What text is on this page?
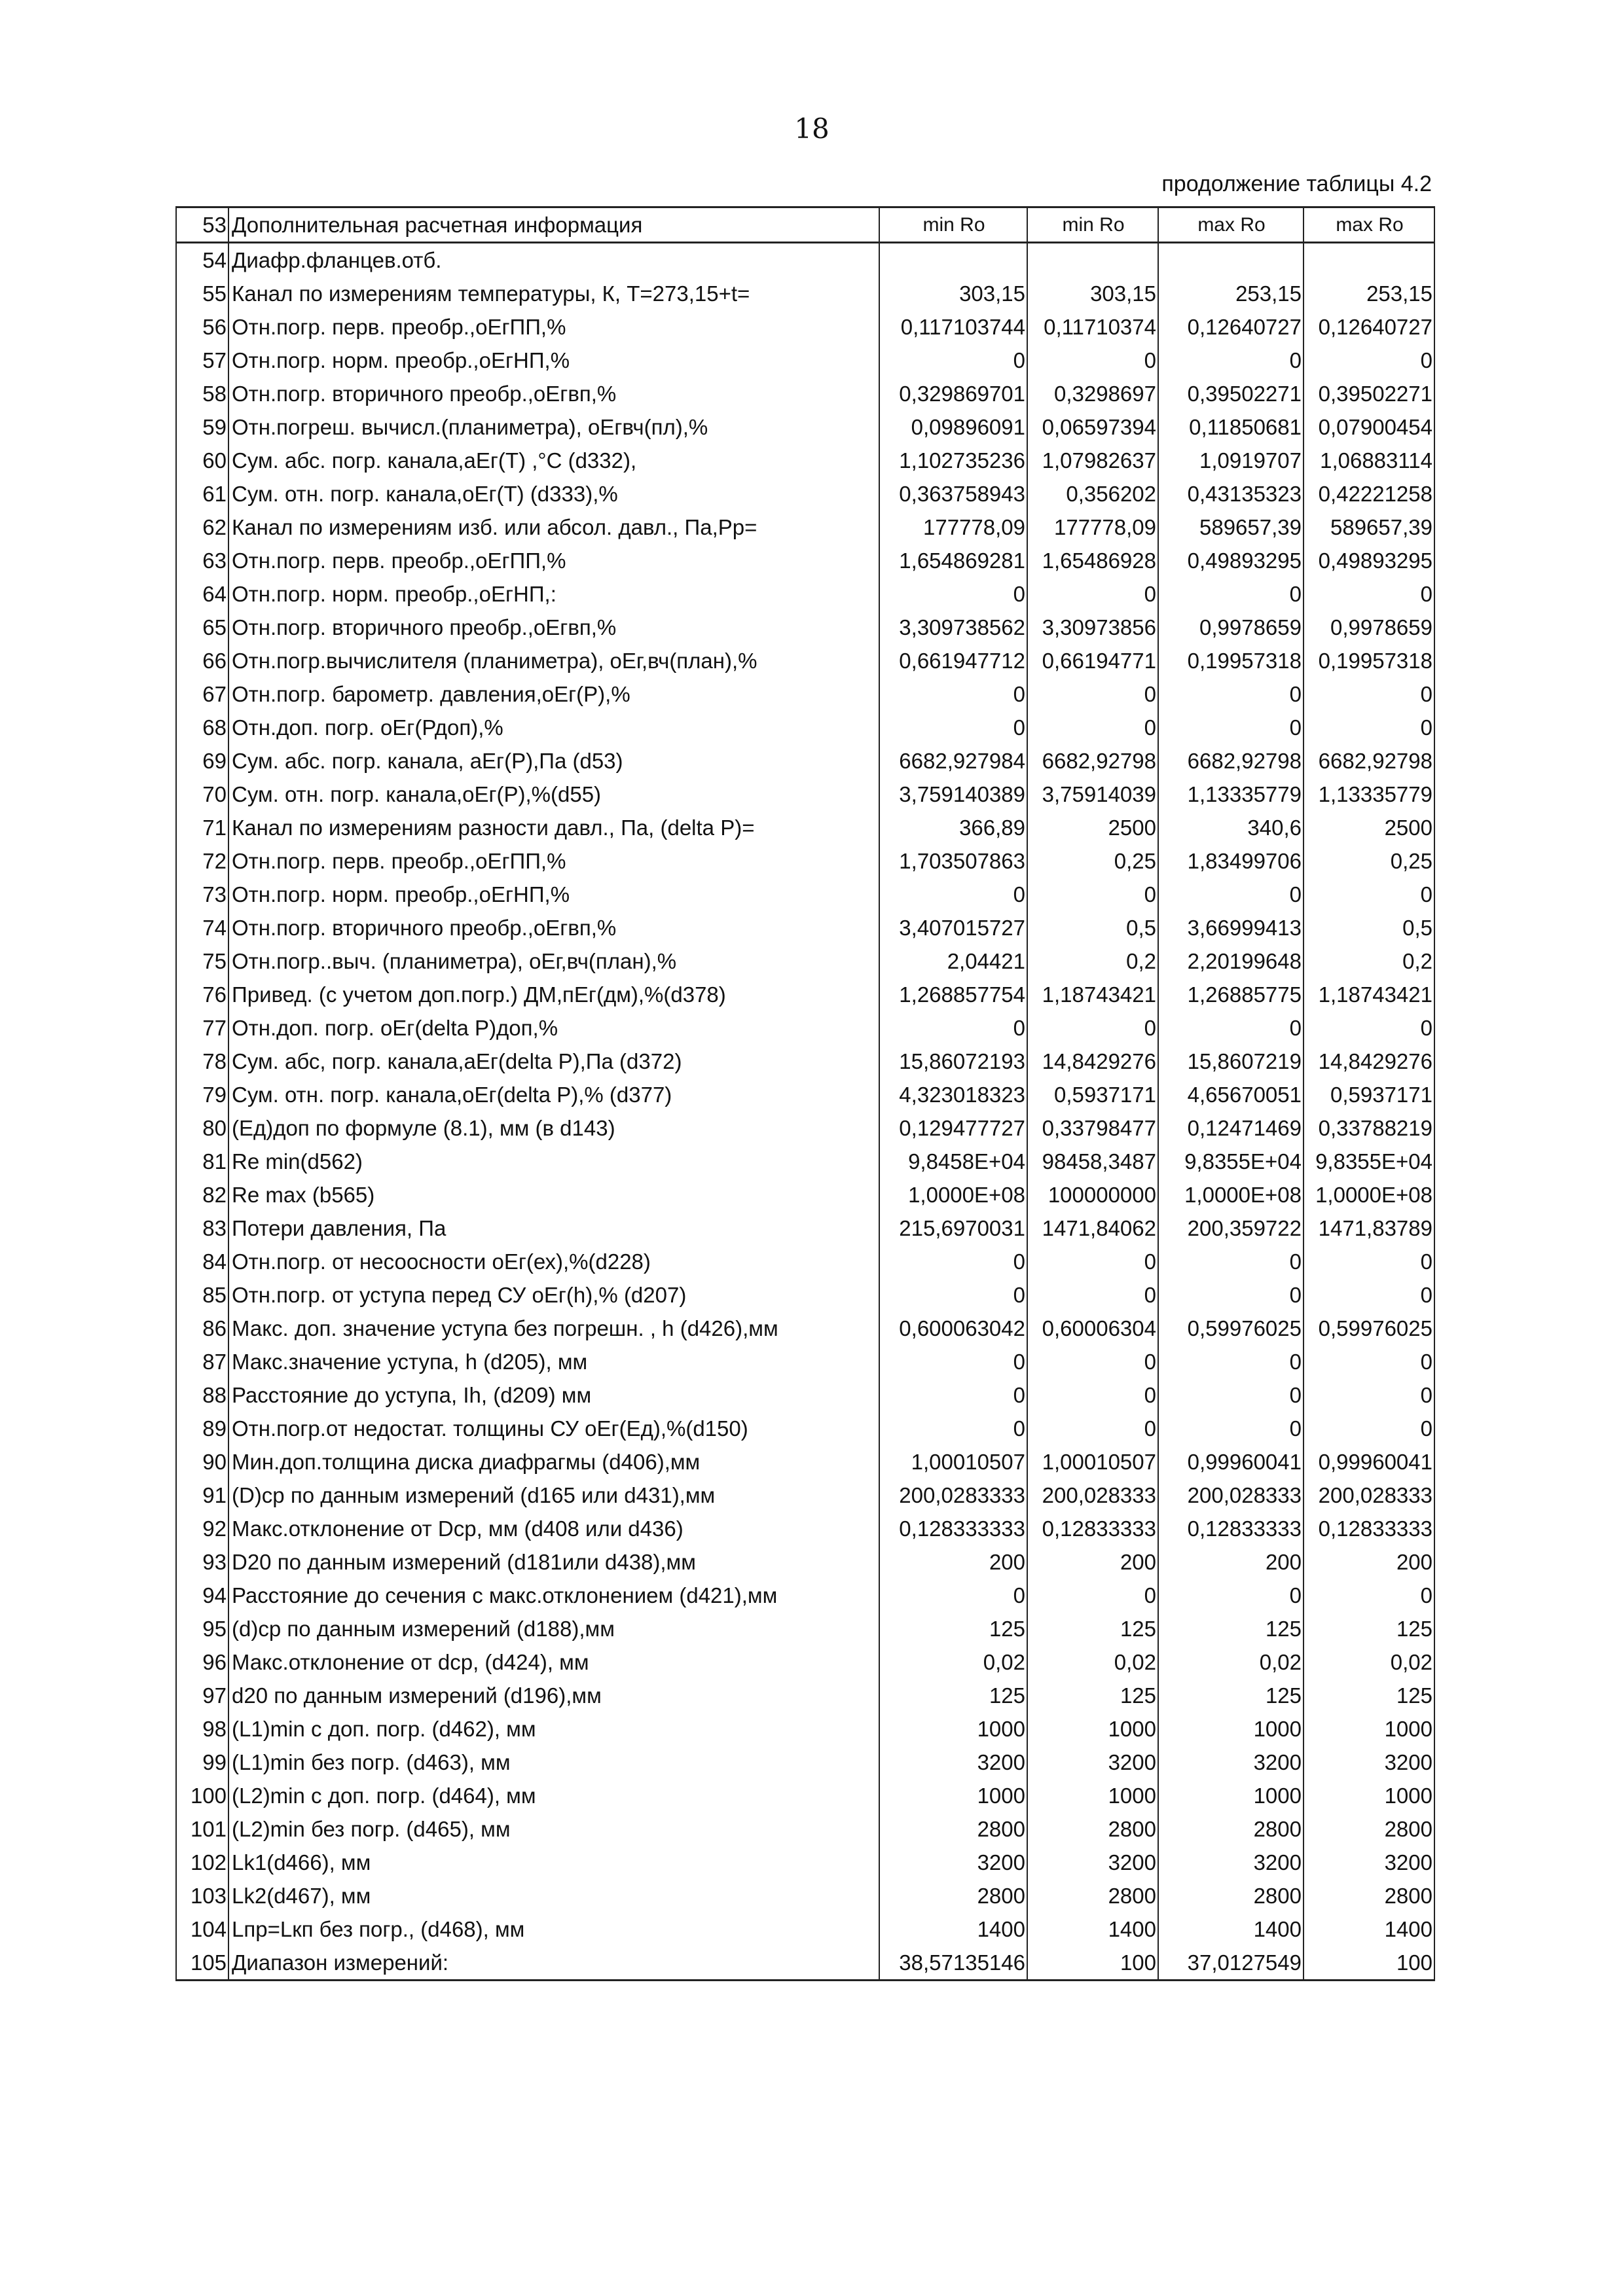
18
продолжение таблицы 4.2
53	Дополнительная расчетная информация	min Ro	min Ro	max Ro	max Ro
54	Диафр.фланцев.отб.				
55	Канал по измерениям температуры, К, Т=273,15+t=	303,15	303,15	253,15	253,15
56	Отн.погр. перв. преобр.,оЕгПП,%	0,117103744	0,11710374	0,12640727	0,12640727
57	Отн.погр. норм. преобр.,оЕгНП,%	0	0	0	0
58	Отн.погр. вторичного преобр.,оЕгвп,%	0,329869701	0,3298697	0,39502271	0,39502271
59	Отн.погреш. вычисл.(планиметра), оЕгвч(пл),%	0,09896091	0,06597394	0,11850681	0,07900454
60	Сум. абс. погр. канала,аЕг(Т) ,°С (d332),	1,102735236	1,07982637	1,0919707	1,06883114
61	Сум. отн. погр. канала,оЕг(Т) (d333),%	0,363758943	0,356202	0,43135323	0,42221258
62	Канал по измерениям изб. или абсол. давл., Па,Рр=	177778,09	177778,09	589657,39	589657,39
63	Отн.погр. перв. преобр.,оЕгПП,%	1,654869281	1,65486928	0,49893295	0,49893295
64	Отн.погр. норм. преобр.,оЕгНП,:	0	0	0	0
65	Отн.погр. вторичного преобр.,оЕгвп,%	3,309738562	3,30973856	0,9978659	0,9978659
66	Отн.погр.вычислителя (планиметра), оЕг,вч(план),%	0,661947712	0,66194771	0,19957318	0,19957318
67	Отн.погр. барометр. давления,оЕг(Р),%	0	0	0	0
68	Отн.доп. погр. оЕг(Рдоп),%	0	0	0	0
69	Сум. абс. погр. канала, аЕг(Р),Па (d53)	6682,927984	6682,92798	6682,92798	6682,92798
70	Сум. отн. погр. канала,оЕг(Р),%(d55)	3,759140389	3,75914039	1,13335779	1,13335779
71	Канал по измерениям разности давл., Па, (delta P)=	366,89	2500	340,6	2500
72	Отн.погр. перв. преобр.,оЕгПП,%	1,703507863	0,25	1,83499706	0,25
73	Отн.погр. норм. преобр.,оЕгНП,%	0	0	0	0
74	Отн.погр. вторичного преобр.,оЕгвп,%	3,407015727	0,5	3,66999413	0,5
75	Отн.погр..выч. (планиметра), оЕг,вч(план),%	2,04421	0,2	2,20199648	0,2
76	Привед. (с учетом доп.погр.) ДМ,пЕг(дм),%(d378)	1,268857754	1,18743421	1,26885775	1,18743421
77	Отн.доп. погр. оЕг(delta Р)доп,%	0	0	0	0
78	Сум. абс, погр. канала,аЕг(delta Р),Па (d372)	15,86072193	14,8429276	15,8607219	14,8429276
79	Сум. отн. погр. канала,оЕг(delta Р),% (d377)	4,323018323	0,5937171	4,65670051	0,5937171
80	(Ед)доп по формуле (8.1), мм (в d143)	0,129477727	0,33798477	0,12471469	0,33788219
81	Re min(d562)	9,8458E+04	98458,3487	9,8355E+04	9,8355E+04
82	Re max (b565)	1,0000E+08	100000000	1,0000E+08	1,0000E+08
83	Потери давления, Па	215,6970031	1471,84062	200,359722	1471,83789
84	Отн.погр. от несоосности оЕг(ех),%(d228)	0	0	0	0
85	Отн.погр. от уступа перед СУ оЕг(h),% (d207)	0	0	0	0
86	Макс. доп. значение уступа без погрешн. , h (d426),мм	0,600063042	0,60006304	0,59976025	0,59976025
87	Макс.значение уступа, h (d205), мм	0	0	0	0
88	Расстояние до уступа, Ih, (d209) мм	0	0	0	0
89	Отн.погр.от недостат. толщины СУ оЕг(Ед),%(d150)	0	0	0	0
90	Мин.доп.толщина диска диафрагмы (d406),мм	1,00010507	1,00010507	0,99960041	0,99960041
91	(D)ср по данным измерений (d165 или d431),мм	200,0283333	200,028333	200,028333	200,028333
92	Макс.отклонение от Dср, мм (d408 или d436)	0,128333333	0,12833333	0,12833333	0,12833333
93	D20 по данным измерений (d181или d438),мм	200	200	200	200
94	Расстояние до сечения с макс.отклонением (d421),мм	0	0	0	0
95	(d)ср по данным измерений (d188),мм	125	125	125	125
96	Макс.отклонение от dср, (d424), мм	0,02	0,02	0,02	0,02
97	d20 по данным измерений (d196),мм	125	125	125	125
98	(L1)min с доп. погр. (d462), мм	1000	1000	1000	1000
99	(L1)min без погр. (d463), мм	3200	3200	3200	3200
100	(L2)min с доп. погр. (d464), мм	1000	1000	1000	1000
101	(L2)min без погр. (d465), мм	2800	2800	2800	2800
102	Lk1(d466), мм	3200	3200	3200	3200
103	Lk2(d467), мм	2800	2800	2800	2800
104	Lпр=Lкп без погр., (d468), мм	1400	1400	1400	1400
105	Диапазон измерений:	38,57135146	100	37,0127549	100
